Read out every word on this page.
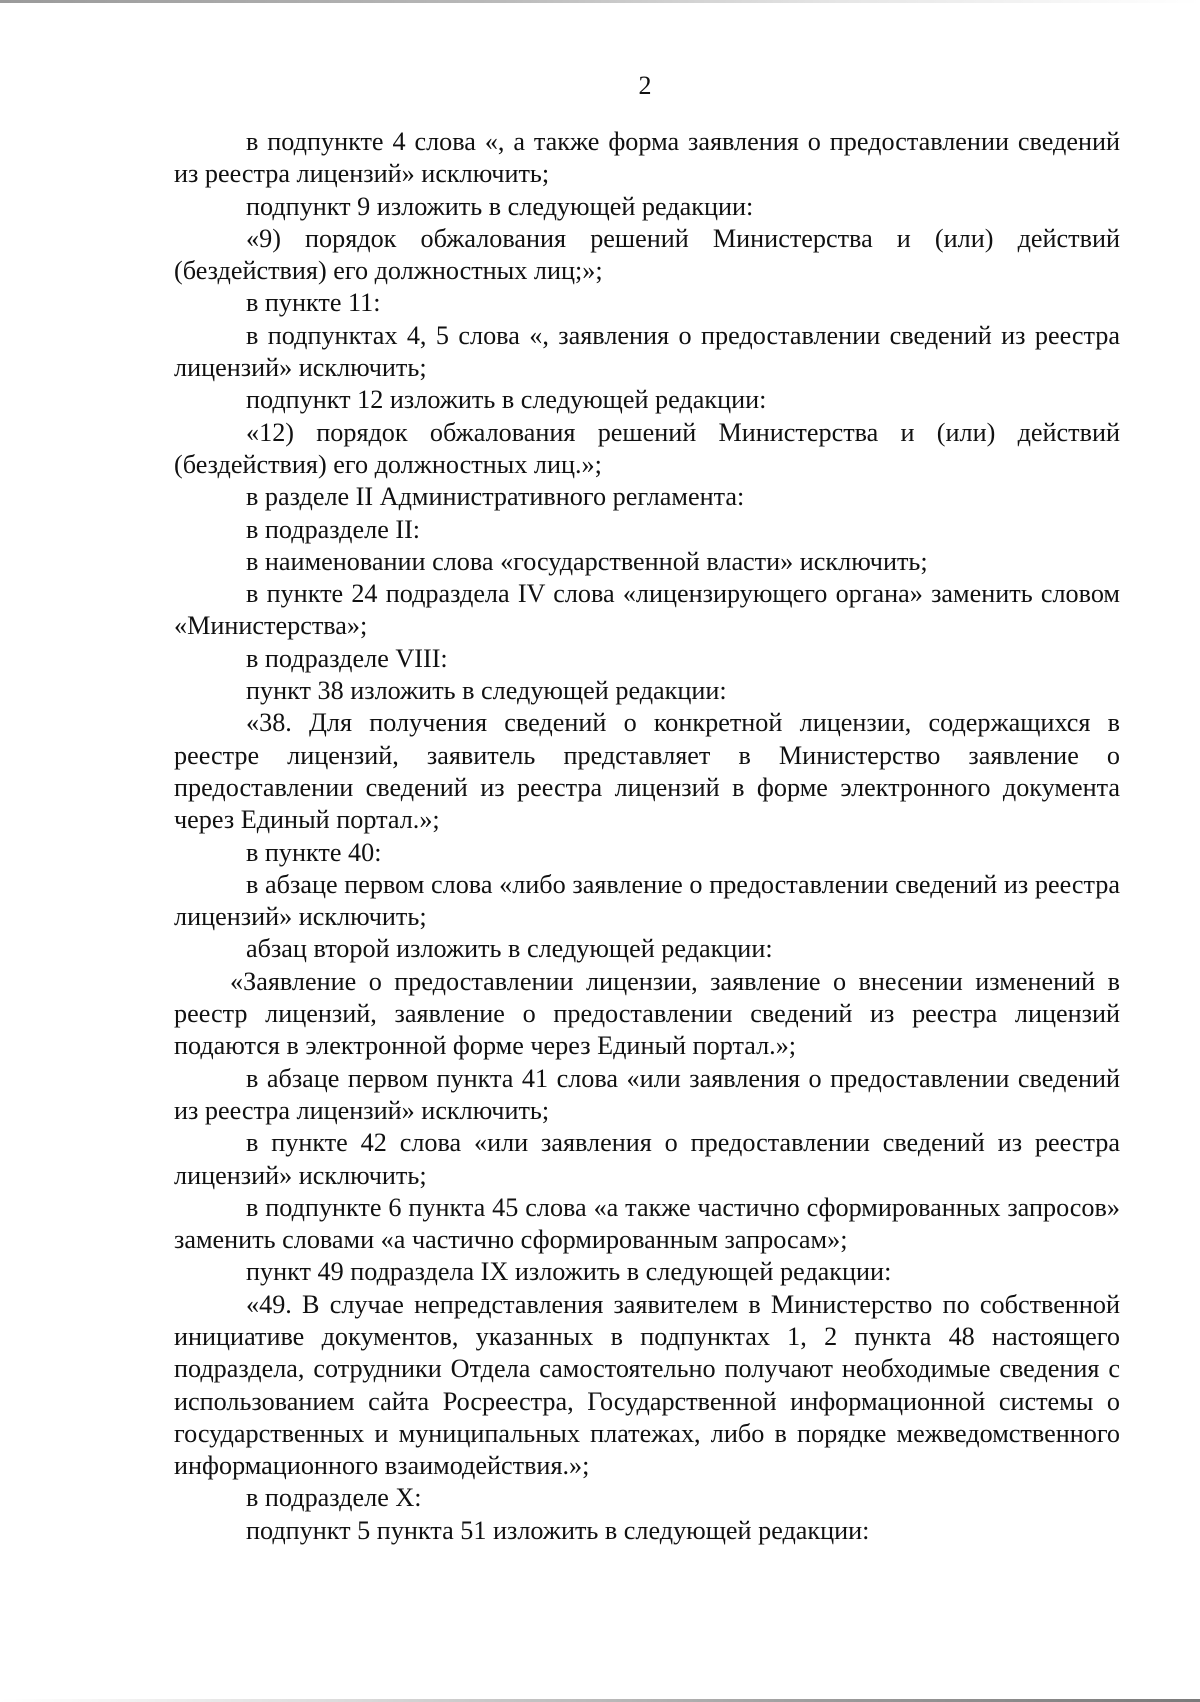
2

в подпункте 4 слова «, а также форма заявления о предоставлении сведений из реестра лицензий» исключить;

подпункт 9 изложить в следующей редакции:

«9) порядок обжалования решений Министерства и (или) действий (бездействия) его должностных лиц;»;

в пункте 11:

в подпунктах 4, 5 слова «, заявления о предоставлении сведений из реестра лицензий» исключить;

подпункт 12 изложить в следующей редакции:

«12) порядок обжалования решений Министерства и (или) действий (бездействия) его должностных лиц.»;

в разделе II Административного регламента:

в подразделе II:

в наименовании слова «государственной власти» исключить;

в пункте 24 подраздела IV слова «лицензирующего органа» заменить словом «Министерства»;

в подразделе VIII:

пункт 38 изложить в следующей редакции:

«38. Для получения сведений о конкретной лицензии, содержащихся в реестре лицензий, заявитель представляет в Министерство заявление о предоставлении сведений из реестра лицензий в форме электронного документа через Единый портал.»;

в пункте 40:

в абзаце первом слова «либо заявление о предоставлении сведений из реестра лицензий» исключить;

абзац второй изложить в следующей редакции:

«Заявление о предоставлении лицензии, заявление о внесении изменений в реестр лицензий, заявление о предоставлении сведений из реестра лицензий подаются в электронной форме через Единый портал.»;

в абзаце первом пункта 41 слова «или заявления о предоставлении сведений из реестра лицензий» исключить;

в пункте 42 слова «или заявления о предоставлении сведений из реестра лицензий» исключить;

в подпункте 6 пункта 45 слова «а также частично сформированных запросов» заменить словами «а частично сформированным запросам»;

пункт 49 подраздела IX изложить в следующей редакции:

«49. В случае непредставления заявителем в Министерство по собственной инициативе документов, указанных в подпунктах 1, 2 пункта 48 настоящего подраздела, сотрудники Отдела самостоятельно получают необходимые сведения с использованием сайта Росреестра, Государственной информационной системы о государственных и муниципальных платежах, либо в порядке межведомственного информационного взаимодействия.»;

в подразделе X:

подпункт 5 пункта 51 изложить в следующей редакции:
